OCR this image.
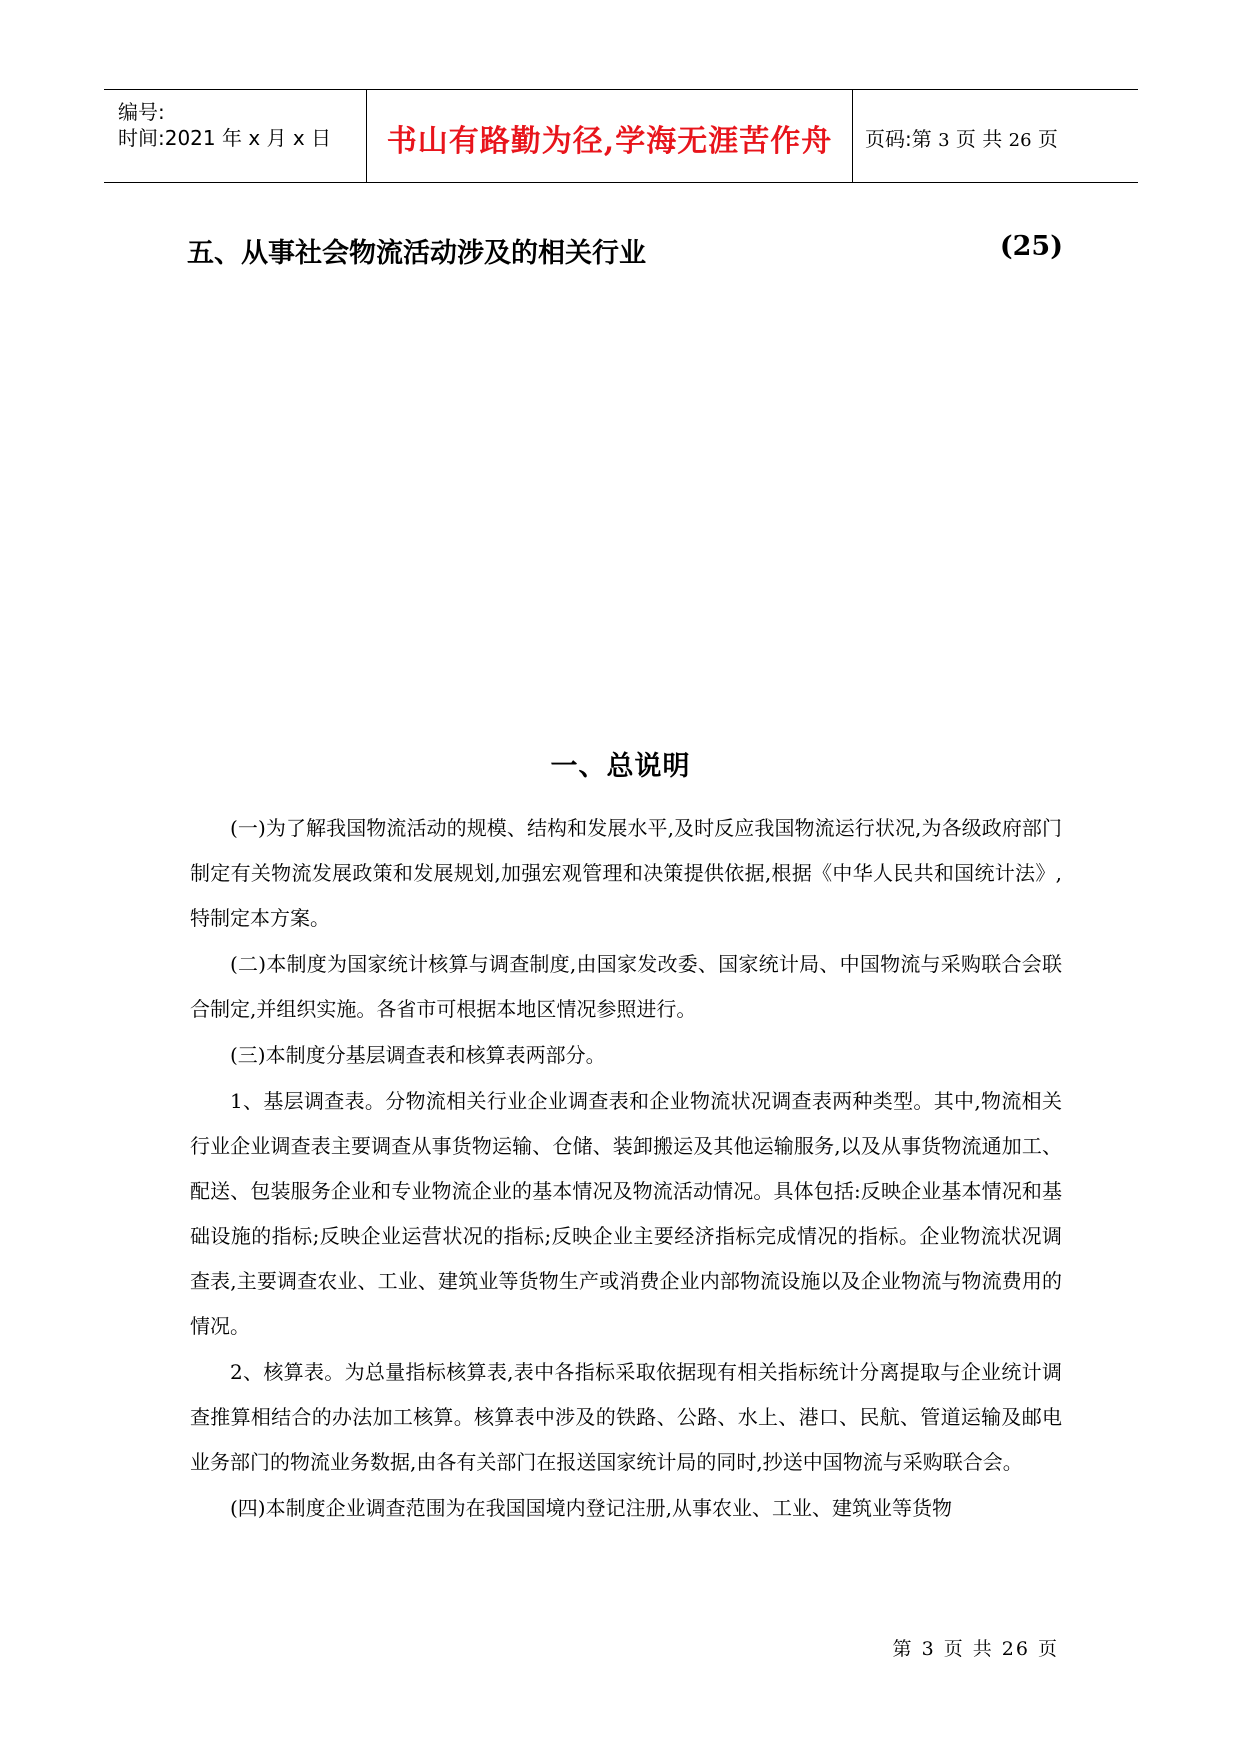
编号:
时间:2021 年 x 月 x 日	书山有路勤为径,学海无涯苦作舟	页码:第 3 页 共 26 页
五、从事社会物流活动涉及的相关行业	(25)
一、总说明

(一)为了解我国物流活动的规模、结构和发展水平,及时反应我国物流运行状况,为各级政府部门制定有关物流发展政策和发展规划,加强宏观管理和决策提供依据,根据《中华人民共和国统计法》,特制定本方案。

(二)本制度为国家统计核算与调查制度,由国家发改委、国家统计局、中国物流与采购联合会联合制定,并组织实施。各省市可根据本地区情况参照进行。

(三)本制度分基层调查表和核算表两部分。

1、基层调查表。分物流相关行业企业调查表和企业物流状况调查表两种类型。其中,物流相关行业企业调查表主要调查从事货物运输、仓储、装卸搬运及其他运输服务,以及从事货物流通加工、配送、包装服务企业和专业物流企业的基本情况及物流活动情况。具体包括:反映企业基本情况和基础设施的指标;反映企业运营状况的指标;反映企业主要经济指标完成情况的指标。企业物流状况调查表,主要调查农业、工业、建筑业等货物生产或消费企业内部物流设施以及企业物流与物流费用的情况。

2、核算表。为总量指标核算表,表中各指标采取依据现有相关指标统计分离提取与企业统计调查推算相结合的办法加工核算。核算表中涉及的铁路、公路、水上、港口、民航、管道运输及邮电业务部门的物流业务数据,由各有关部门在报送国家统计局的同时,抄送中国物流与采购联合会。

(四)本制度企业调查范围为在我国国境内登记注册,从事农业、工业、建筑业等货物

第 3 页 共 26 页
